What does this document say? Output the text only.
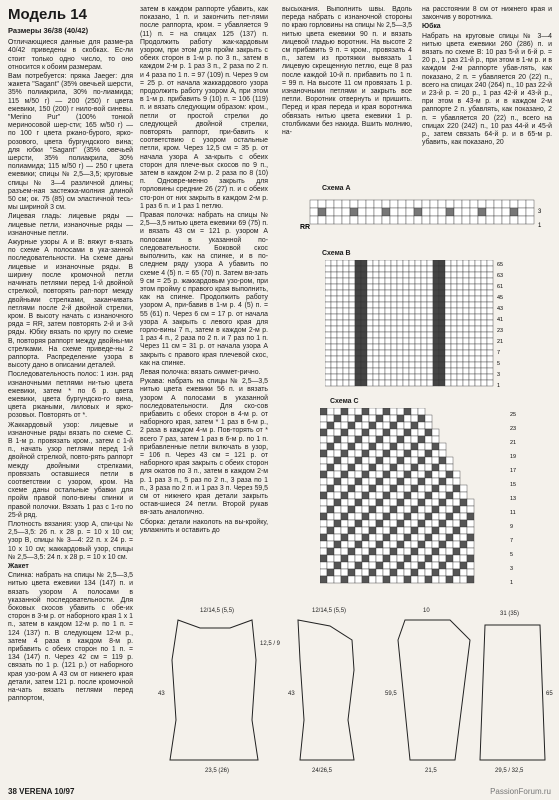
Модель 14
Размеры 36/38 (40/42)

Отличающиеся данные для разме-ра 40/42 приведены в скобках. Ес-ли стоит только одно число, то оно относится к обоим размерам.

Вам потребуется: пряжа Jaeger: для жакета "Sagant" (35% овечьей шерсти, 35% полиакрила, 30% по-лиамида; 115 м/50 г) — 200 (250) г цвета ежевики, 150 (200) г нило-вой синевы. "Merino Pur" (100% тонкой мериносовой шер-сти; 165 м/50 г) — по 100 г цвета ржано-бурого, ярко-розового, цвета бургундского вина; для юбки "Sagant" (35% овечьей шерсти, 35% полиакрила, 30% полиамида; 115 м/50 г) — 250 г цвета ежевики; спицы № 2,5—3,5; круговые спицы № 3—4 различной длины; разъем-ная застежка-молния длиной 50 см; ок. 75 (85) см эластичной тесь-мы шириной 3 см.

Лицевая гладь: лицевые ряды — лицевые петли, изнаночные ряды — изнаночные петли.

Ажурные узоры А и В: вяжут в-язать по схеме А полосами в ука-занной последовательности. На схеме даны лицевые и изнаночные ряды. В ширину после кромочной петли начинать петлями перед 1-й двойной стрелкой, повторять рап-порт между двойными стрелками, заканчивать петлями после 2-й двойной стрелки, кром. В высоту начать с изнаночного ряда = RR, затем повторять 2-й и 3-й ряды. Юбку вязать по кругу по схеме В, повторяя раппорт между двойны-ми стрелками. На схеме приведе-ны 2 раппорта. Распределение узора в высоту дано в описании деталей.

Последовательность полос: 1 изн. ряд изнаночными петлями ни-тью цвета ежевики, затем * по 6 р. цвета ежевики, цвета бургундско-го вина, цвета ржаными, лиловых и ярко-розовых. Повторять от *.

Жаккардовый узор: лицевые и изнаночные ряды вязать по схеме С. В 1-м р. провязать кром., затем с 1-й п., начать узор петлями перед 1-й двойной стрелкой, повто-рять раппорт между двойными стрелками, провязать оставшиеся петли в соответствии с узором, кром. На схеме даны остальные убавки для пройм правой поло-вины спинки и правой полочки. Вязать 1 раз с 1-го по 25-й ряд.

Плотность вязания: узор А, спи-цы № 2,5—3,5: 26 п. х 28 р. = 10 х 10 см; узор В, спицы № 3—4: 22 п. х 24 р. = 10 х 10 см; жаккардовый узор, спицы № 2,5—3,5: 24 п. х 28 р. = 10 х 10 см.

Жакет

Спинка: набрать на спицы № 2,5—3,5 нитью цвета ежевики 134 (147) п. и вязать узором А полосами в указанной последовательности. Для боковых скосов убавить с обе-их сторон в 3-м р. от наборного края 1 х 1 п., затем в каждом 12-м р. по 1 п. = 124 (137) п. В следующем 12-м р., затем 4 раза в каждом 8-м р. прибавить с обеих сторон по 1 п. = 134 (147) п. Через 42 см = 119 р. связать по 1 р. (121 р.) от наборного края узо-ром А 43 см от нижнего края детали, затем 121 р. после кромочной на-чать вязать петлями перед раппортом,

затем в каждом раппорте убавить, как показано, 1 п. и закончить пет-лями после раппорта, кром. = убавляется 9 (11) п. = на спицах 125 (137) п. Продолжить работу жак-кардовым узором, при этом для пройм закрыть с обеих сторон в 1-м р. по 3 п., затем в каждом 2-м р. 1 раз 3 п., 2 раза по 2 п. и 4 раза по 1 п. = 97 (109) п. Через 9 см = 25 р. от начала жаккардового узора продолжить работу узором А, при этом в 1-м р. прибавить 9 (10) п. = 106 (119) п. и вязать следующим образом: кром., петли от простой стрелки до следующей двойной стрелки, повторять раппорт, при-бавить к соответствию с узором остальные петли, кром. Через 12,5 см = 35 р. от начала узора А за-крыть с обеих сторон для плече-вых скосов по 9 п., затем в каждом 2-м р. 2 раза по 8 (10) п. Одновре-менно закрыть для горловины средние 26 (27) п. и с обеих сто-рон от них закрыть в каждом 2-м р. 1 раз 6 п. и 1 раз 1 петлю.

Правая полочка: набрать на спицы № 2,5—3,5 нитью цвета ежевики 69 (75) п. и вязать 43 см = 121 р. узором А полосами в указанной по-следовательности. Боковой скос выполнить, как на спинке, и в по-следнем ряду узора А убавить по схеме 4 (5) п. = 65 (70) п. Затем вя-зать 9 см = 25 р. жаккардовым узо-ром, при этом пройму с правого края выполнить, как на спинке. Продолжить работу узором А, при-бавив в 1-м р. 4 (5) п. = 55 (61) п. Через 6 см = 17 р. от начала узора А закрыть с левого края для горло-вины 7 п., затем в каждом 2-м р. 1 раз 4 п., 2 раза по 2 п. и 7 раз по 1 п. Через 11 см = 31 р. от начала узора А закрыть с правого края плечевой скос, как на спинке.

Левая полочка: вязать симмет-рично.

Рукава: набрать на спицы № 2,5—3,5 нитью цвета ежевики 56 п. и вязать узором А полосами в указанной последовательности. Для ско-сов прибавить с обеих сторон в 4-м р. от наборного края, затем * 1 раз в 6-м р., 2 раза в каждом 4-м р. Пов-торять от * всего 7 раз, затем 1 раз в 6-м р. по 1 п. прибавленные петли включать в узор, = 106 п. Через 43 см = 121 р. от наборного края закрыть с обеих сторон для окатов по 3 п., затем в каждом 2-м р. 1 раз 3 п., 5 раз по 2 п., 3 раза по 1 п., 3 раза по 2 п. и 1 раз 3 п. Через 59,5 см от нижнего края детали закрыть остав-шиеся 24 петли. Второй рукав вя-зать аналогично.

Сборка: детали наколоть на вы-кройку, увлажнить и оставить до

высыхания. Выполнить швы. Вдоль переда набрать с изнаночной стороны по краю горловины на спицы № 2,5—3,5 нитью цвета ежевики 90 п. и вязать лицевой гладью воротник. На высоте 2 см прибавить 9 п. = кром., провязать 4 п., затем из протяжки вывязать 1 лицевую скрещенную петлю, еще 8 раз после каждой 10-й п. прибавить по 1 п. = 99 п. На высоте 11 см провязать 1 р. изнаночными петлями и закрыть все петли. Воротник отвернуть и пришить. Перед и края переда и края воротника обвязать нитью цвета ежевики 1 р. столбиками без накида. Вшить молнию, на-

на расстоянии 8 см от нижнего края и закончив у воротника.

Юбка

Набрать на круговые спицы № 3—4 нитью цвета ежевики 260 (286) п. и вязать по схеме В: 10 раз 5-й и 6-й р. = 20 р., 1 раз 21-й р., при этом в 1-м р. и в каждом 2-м раппорте убав-лять, как показано, 2 п. = убавляется 20 (22) п., всего на спицах 240 (264) п., 10 раз 22-й и 23-й р. = 20 р., 1 раз 42-й и 43-й р., при этом в 43-м р. и в каждом 2-м раппорте 2 п. убавлять, как показано, 2 п. = убавляется 20 (22) п., всего на спицах 220 (242) п., 10 раз 44-й и 45-й р., затем связать 64-й р. и в 65-м р. убавить, как показано, 20

Схема А
RR
3
1
Схема В
65
63
61
45
43
41
23
21
7
5
3
1
Схема С
25
23
21
19
17
15
13
11
9
7
5
3
1
12/14,5 (5,5)
43
12,5 / 9
23,5 (26)
12/14,5 (5,5)
43
24/26,5
10
59,5
21,5
31 (35)
65
29,5 / 32,5
38 VERENA 10/97	PassionForum.ru
